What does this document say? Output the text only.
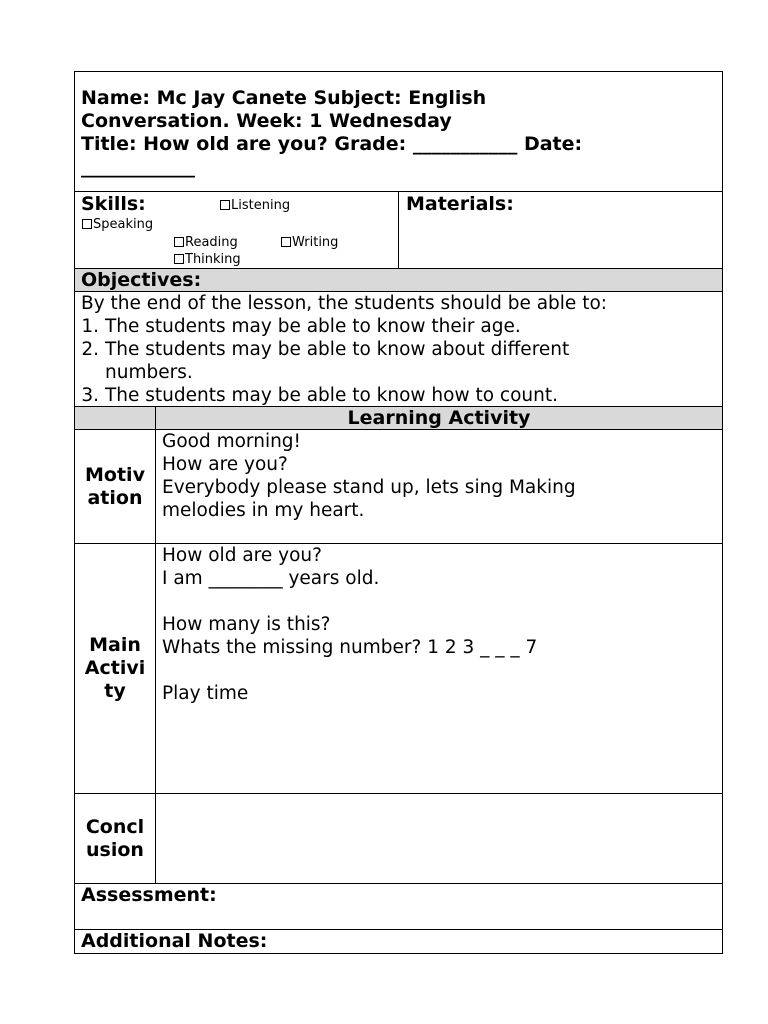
Name: Mc Jay Canete Subject: English
Conversation. Week: 1 Wednesday
Title: How old are you? Grade: ___________ Date:
____________
Skills:	Listening
Speaking
Reading	Writing
Thinking
Materials:
Objectives:
By the end of the lesson, the students should be able to:
1. The students may be able to know their age.
2. The students may be able to know about different
numbers.
3. The students may be able to know how to count.
Learning Activity
Motiv
ation
Good morning!
How are you?
Everybody please stand up, lets sing Making
melodies in my heart.
Main
Activi
ty
How old are you?
I am ________ years old.
How many is this?
Whats the missing number? 1 2 3 _ _ _ 7
Play time
Concl
usion
Assessment:
Additional Notes:
